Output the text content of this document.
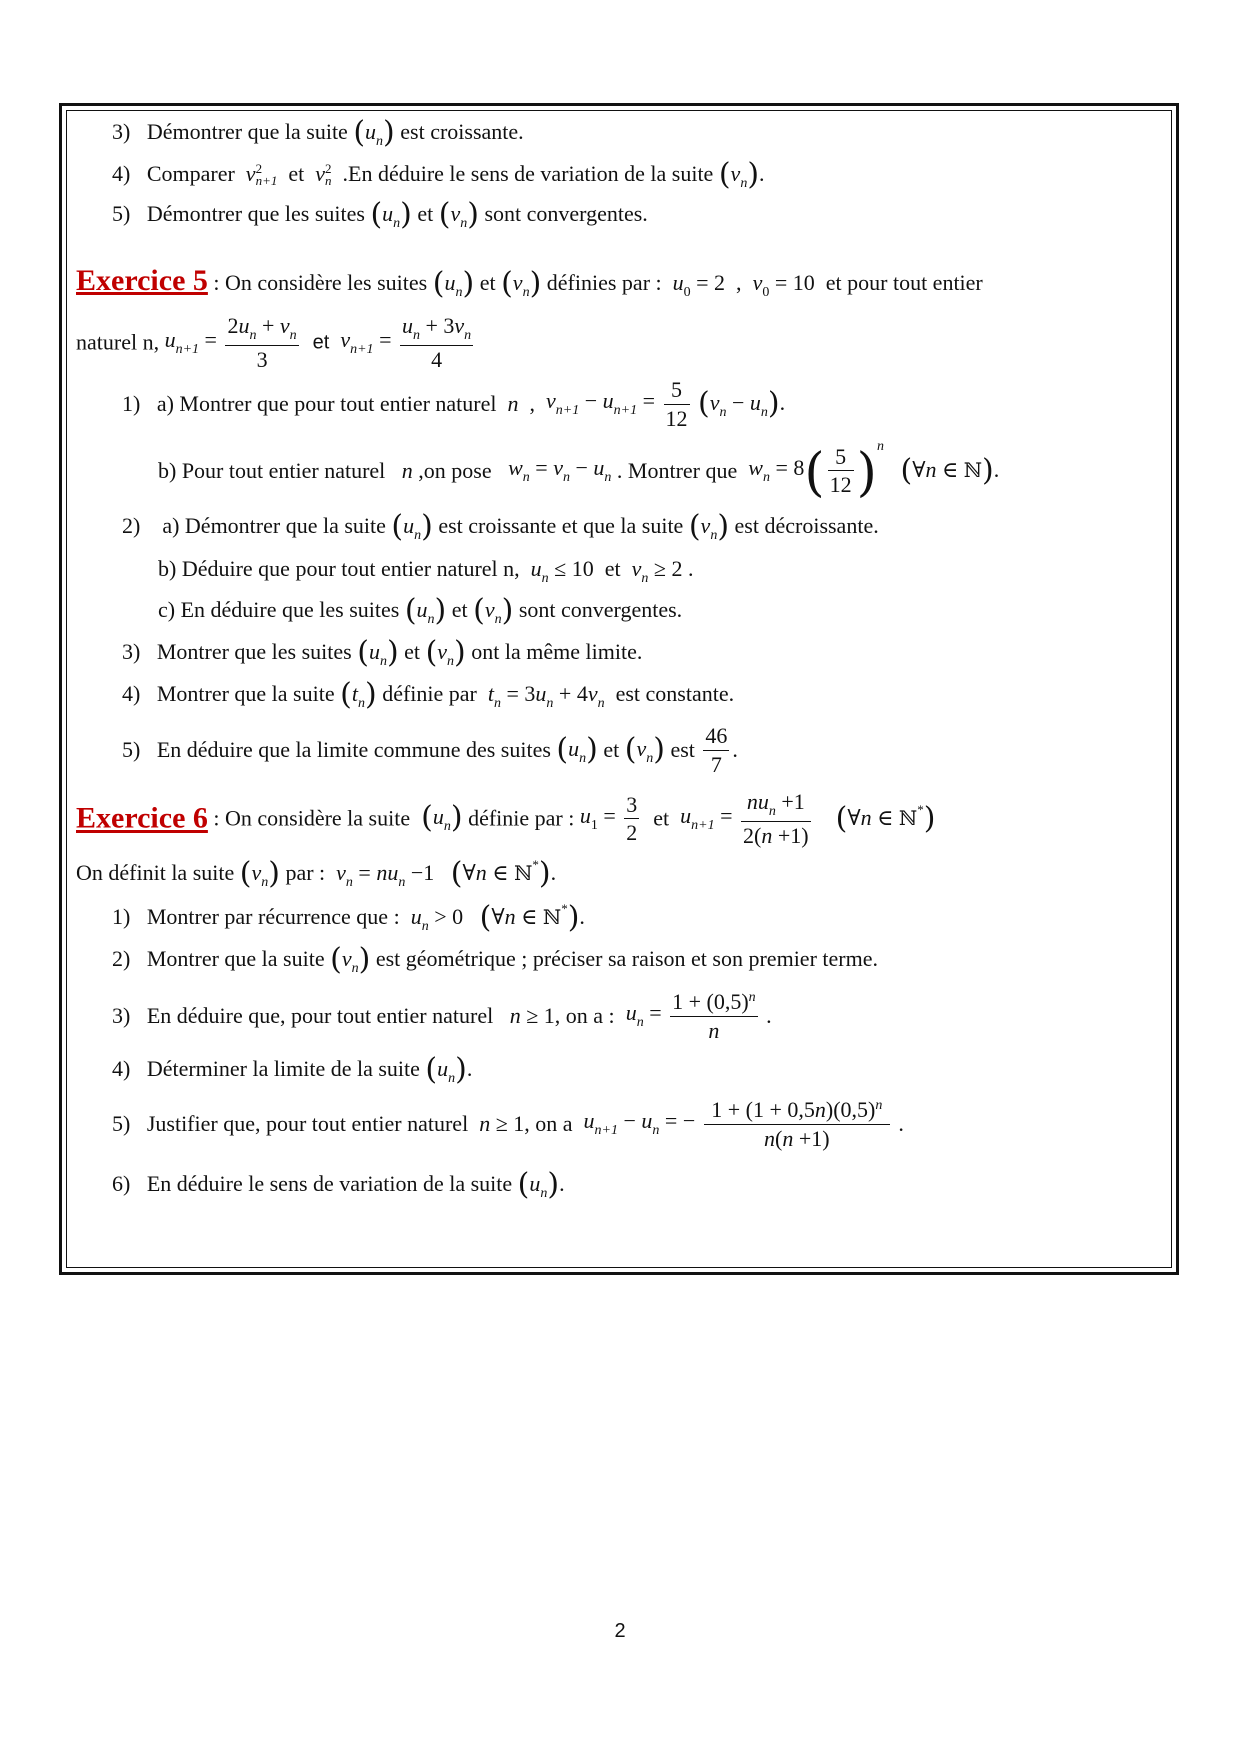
3) Démontrer que la suite $(u_n)$ est croissante.
4) Comparer v 2
n+1 et v 2
n .En déduire le sens de variation de la suite $(v_n)$.
5) Démontrer que les suites $(u_n)$ et $(v_n)$ sont convergentes.
Exercice 5 : On considère les suites $(u_n)$ et $(v_n)$ définies par : $u_0 = 2$  ,  $v_0 = 10$  et pour tout entier
naturel n, $u_{n+1} = \frac{2u_n + v_n}{3}$ et $v_{n+1} = \frac{u_n + 3v_n}{4}$
1) a) Montrer que pour tout entier naturel n , $v_{n+1} - u_{n+1} = \frac{5}{12} (v_n - u_n)$.
b) Pour tout entier naturel n ,on pose $w_n = v_n - u_n$ . Montrer que $w_n = 8( \frac{5}{12} )^n$   (∀n ∈ ℕ).
2) a) Démontrer que la suite $(u_n)$ est croissante et que la suite $(v_n)$ est décroissante.
b) Déduire que pour tout entier naturel n, $u_n \le 10$  et  $v_n \ge 2$ .
c) En déduire que les suites $(u_n)$ et $(v_n)$ sont convergentes.
3) Montrer que les suites $(u_n)$ et $(v_n)$ ont la même limite.
4) Montrer que la suite $(t_n)$ définie par $t_n = 3u_n + 4v_n$ est constante.
5) En déduire que la limite commune des suites $(u_n)$ et $(v_n)$ est $\frac{46}{7}$ .
Exercice 6 : On considère la suite $(u_n)$ définie par : $u_1 = \frac{3}{2}$ et $u_{n+1} = \frac{nu_n +1}{2(n +1)}$ (∀n ∈ ℕ*)
On définit la suite $(v_n)$ par : $v_n = nu_n -1$   (∀n ∈ ℕ*).
1) Montrer par récurrence que : $u_n > 0$   (∀n ∈ ℕ*).
2) Montrer que la suite $(v_n)$ est géométrique ; préciser sa raison et son premier terme.
3) En déduire que, pour tout entier naturel n ≥ 1, on a : $u_n = \frac{1 + (0,5)^n}{n}$ .
4) Déterminer la limite de la suite $(u_n)$.
5) Justifier que, pour tout entier naturel n ≥ 1, on a $u_{n+1} - u_n$ = − $\frac{1 + (1 + 0,5n)(0,5)^n}{n(n +1)}$ .
6) En déduire le sens de variation de la suite $(u_n)$.
2
